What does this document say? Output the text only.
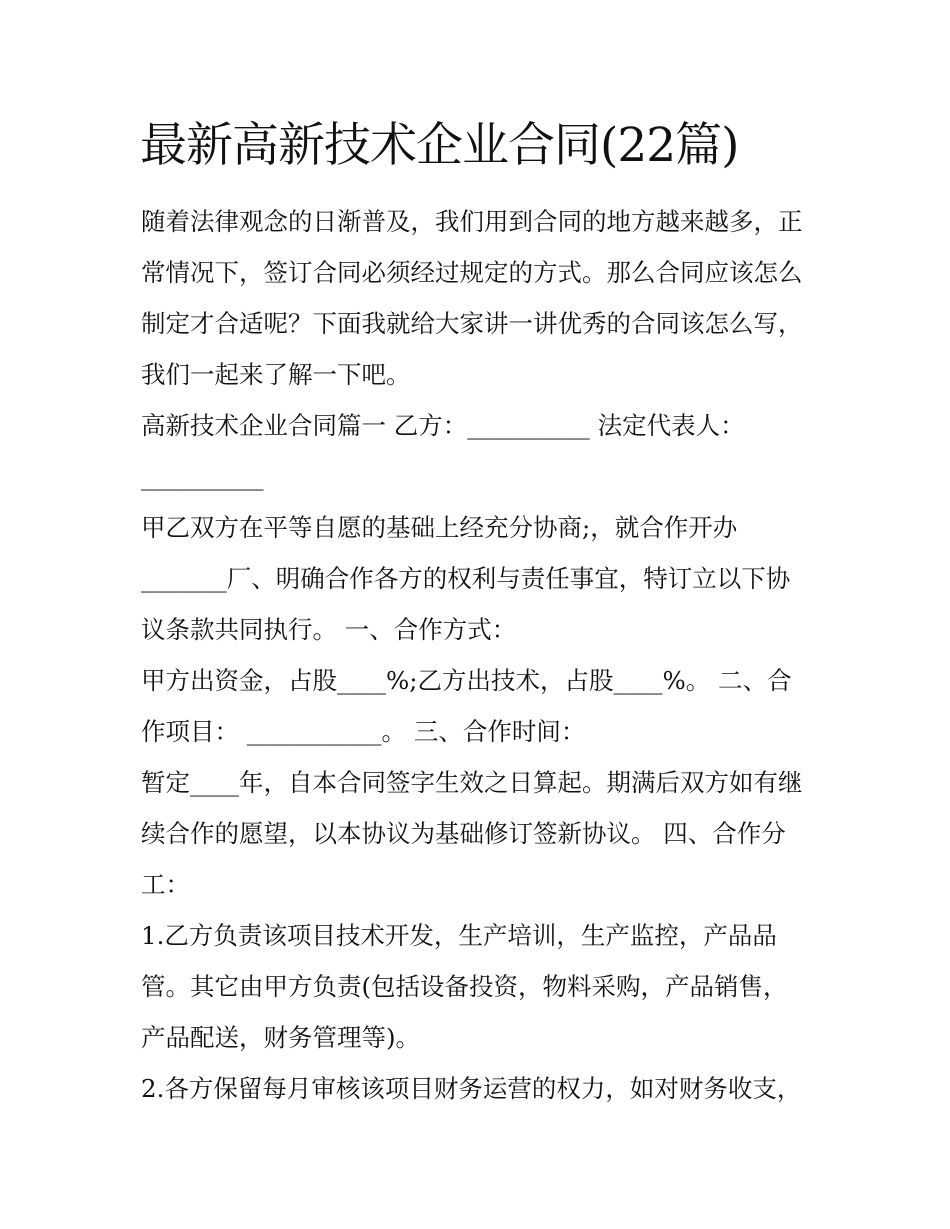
最新高新技术企业合同(22篇)
随着法律观念的日渐普及，我们用到合同的地方越来越多，正
常情况下，签订合同必须经过规定的方式。那么合同应该怎么
制定才合适呢？下面我就给大家讲一讲优秀的合同该怎么写，
我们一起来了解一下吧。
高新技术企业合同篇一 乙方：__________ 法定代表人：
__________
甲乙双方在平等自愿的基础上经充分协商;，就合作开办
_______厂、明确合作各方的权利与责任事宜，特订立以下协
议条款共同执行。 一、合作方式：
甲方出资金，占股____%;乙方出技术，占股____%。 二、合
作项目： ___________。 三、合作时间：
暂定____年，自本合同签字生效之日算起。期满后双方如有继
续合作的愿望，以本协议为基础修订签新协议。 四、合作分
工：
1.乙方负责该项目技术开发，生产培训，生产监控，产品品
管。其它由甲方负责(包括设备投资，物料采购，产品销售，
产品配送，财务管理等)。
2.各方保留每月审核该项目财务运营的权力，如对财务收支，
